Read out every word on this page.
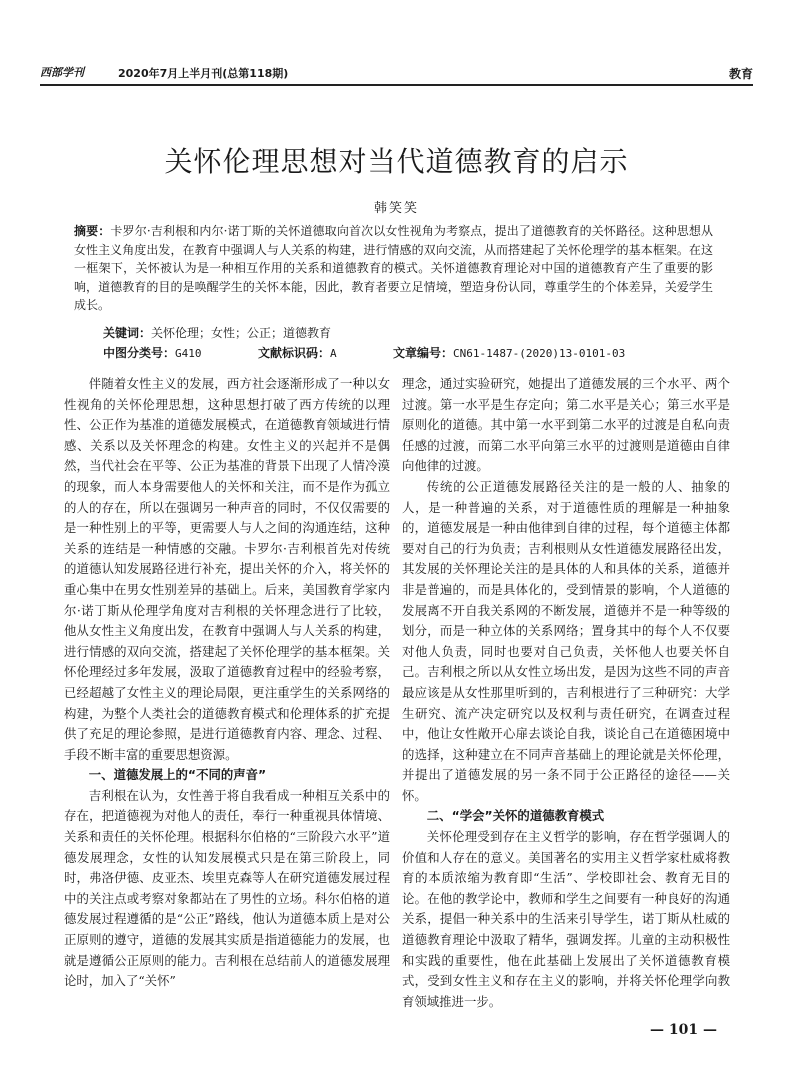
西部学刊	2020年7月上半月刊(总第118期)	教育
关怀伦理思想对当代道德教育的启示
韩笑笑
摘要：卡罗尔·吉利根和内尔·诺丁斯的关怀道德取向首次以女性视角为考察点，提出了道德教育的关怀路径。这种思想从女性主义角度出发，在教育中强调人与人关系的构建，进行情感的双向交流，从而搭建起了关怀伦理学的基本框架。在这一框架下，关怀被认为是一种相互作用的关系和道德教育的模式。关怀道德教育理论对中国的道德教育产生了重要的影响，道德教育的目的是唤醒学生的关怀本能，因此，教育者要立足情境，塑造身份认同，尊重学生的个体差异，关爱学生成长。
关键词：关怀伦理；女性；公正；道德教育
中图分类号：G410	文献标识码：A	文章编号：CN61-1487-(2020)13-0101-03

伴随着女性主义的发展，西方社会逐渐形成了一种以女性视角的关怀伦理思想，这种思想打破了西方传统的以理性、公正作为基准的道德发展模式，在道德教育领域进行情感、关系以及关怀理念的构建。女性主义的兴起并不是偶然，当代社会在平等、公正为基准的背景下出现了人情冷漠的现象，而人本身需要他人的关怀和关注，而不是作为孤立的人的存在，所以在强调另一种声音的同时，不仅仅需要的是一种性别上的平等，更需要人与人之间的沟通连结，这种关系的连结是一种情感的交融。卡罗尔·吉利根首先对传统的道德认知发展路径进行补充，提出关怀的介入，将关怀的重心集中在男女性别差异的基础上。后来，美国教育学家内尔·诺丁斯从伦理学角度对吉利根的关怀理念进行了比较，他从女性主义角度出发，在教育中强调人与人关系的构建，进行情感的双向交流，搭建起了关怀伦理学的基本框架。关怀伦理经过多年发展，汲取了道德教育过程中的经验考察，已经超越了女性主义的理论局限，更注重学生的关系网络的构建，为整个人类社会的道德教育模式和伦理体系的扩充提供了充足的理论参照，是进行道德教育内容、理念、过程、手段不断丰富的重要思想资源。

一、道德发展上的“不同的声音”

吉利根在认为，女性善于将自我看成一种相互关系中的存在，把道德视为对他人的责任，奉行一种重视具体情境、关系和责任的关怀伦理。根据科尔伯格的“三阶段六水平”道德发展理念，女性的认知发展模式只是在第三阶段上，同时，弗洛伊德、皮亚杰、埃里克森等人在研究道德发展过程中的关注点或考察对象都站在了男性的立场。科尔伯格的道德发展过程遵循的是“公正”路线，他认为道德本质上是对公正原则的遵守，道德的发展其实质是指道德能力的发展，也就是遵循公正原则的能力。吉利根在总结前人的道德发展理论时，加入了“关怀”

理念，通过实验研究，她提出了道德发展的三个水平、两个过渡。第一水平是生存定向；第二水平是关心；第三水平是原则化的道德。其中第一水平到第二水平的过渡是自私向责任感的过渡，而第二水平向第三水平的过渡则是道德由自律向他律的过渡。

传统的公正道德发展路径关注的是一般的人、抽象的人，是一种普遍的关系，对于道德性质的理解是一种抽象的，道德发展是一种由他律到自律的过程，每个道德主体都要对自己的行为负责；吉利根则从女性道德发展路径出发，其发展的关怀理论关注的是具体的人和具体的关系，道德并非是普遍的，而是具体化的，受到情景的影响，个人道德的发展离不开自我关系网的不断发展，道德并不是一种等级的划分，而是一种立体的关系网络；置身其中的每个人不仅要对他人负责，同时也要对自己负责，关怀他人也要关怀自己。吉利根之所以从女性立场出发，是因为这些不同的声音最应该是从女性那里听到的，吉利根进行了三种研究：大学生研究、流产决定研究以及权利与责任研究，在调查过程中，他让女性敞开心扉去谈论自我，谈论自己在道德困境中的选择，这种建立在不同声音基础上的理论就是关怀伦理，并提出了道德发展的另一条不同于公正路径的途径——关怀。

二、“学会”关怀的道德教育模式

关怀伦理受到存在主义哲学的影响，存在哲学强调人的价值和人存在的意义。美国著名的实用主义哲学家杜威将教育的本质浓缩为教育即“生活”、学校即社会、教育无目的论。在他的教学论中，教师和学生之间要有一种良好的沟通关系，提倡一种关系中的生活来引导学生，诺丁斯从杜威的道德教育理论中汲取了精华，强调发挥。儿童的主动积极性和实践的重要性，他在此基础上发展出了关怀道德教育模式，受到女性主义和存在主义的影响，并将关怀伦理学向教育领域推进一步。

— 101 —
